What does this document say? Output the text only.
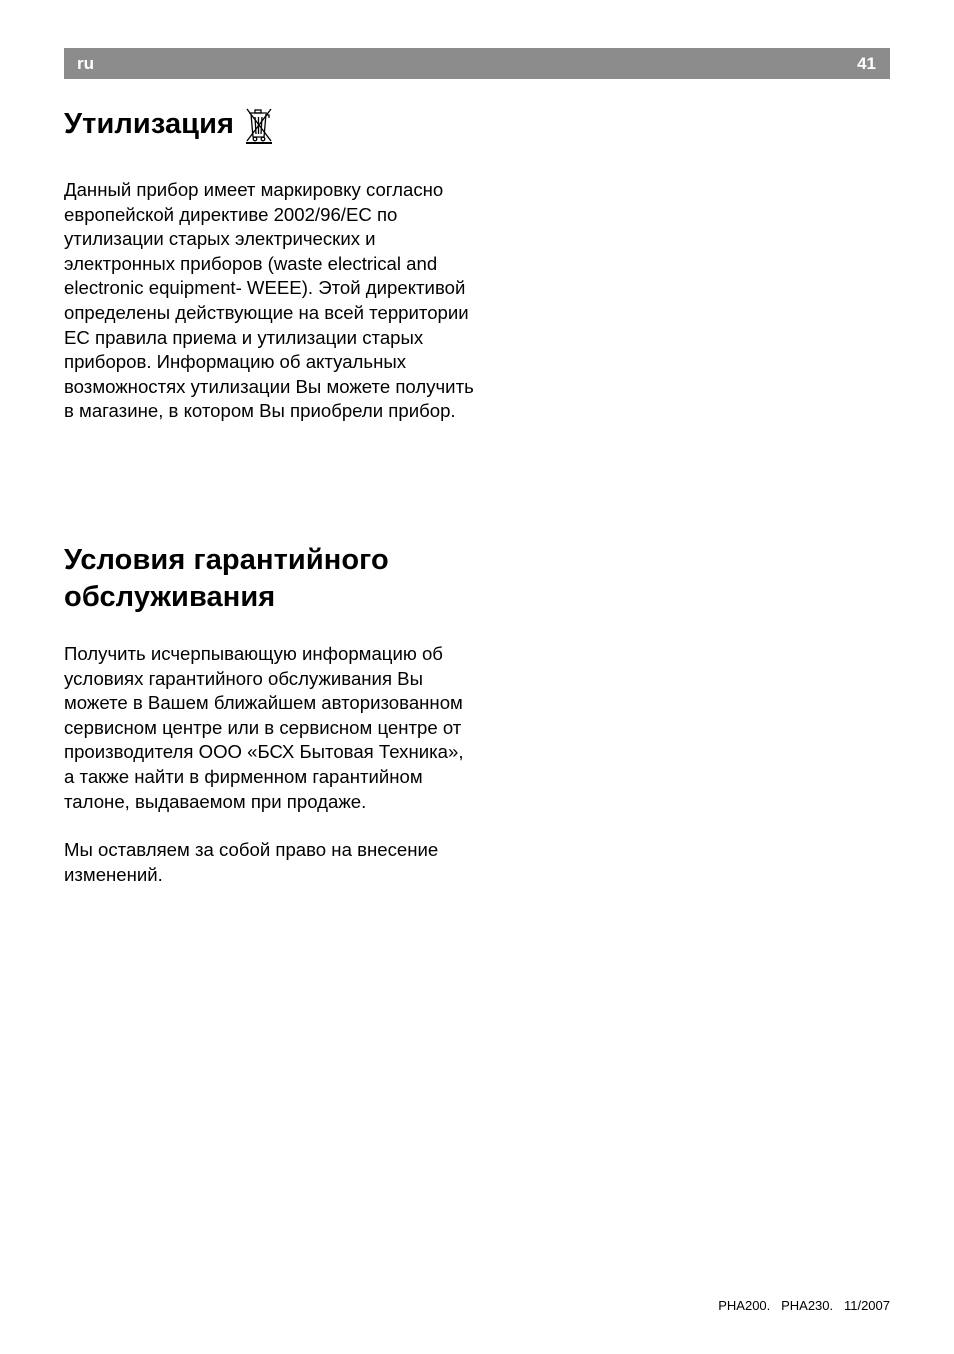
ru	41
Утилизация

Данный прибор имеет маркировку согласно европейской директиве 2002/96/EC по утилизации старых электрических и электронных приборов (waste electrical and electronic equipment- WEEE). Этой директивой определены действующие на всей территории ЕС правила приема и утилизации старых приборов. Информацию об актуальных возможностях утилизации Вы можете получить в магазине, в котором Вы приобрели прибор.

Условия гарантийного обслуживания

Получить исчерпывающую информацию об условиях гарантийного обслуживания Вы можете в Вашем ближайшем авторизованном сервисном центре или в сервисном центре от производителя ООО «БСХ Бытовая Техника», а также найти в фирменном гарантийном талоне, выдаваемом при продаже.

Мы оставляем за собой право на внесение изменений.

PHA200.   PHA230.   11/2007
